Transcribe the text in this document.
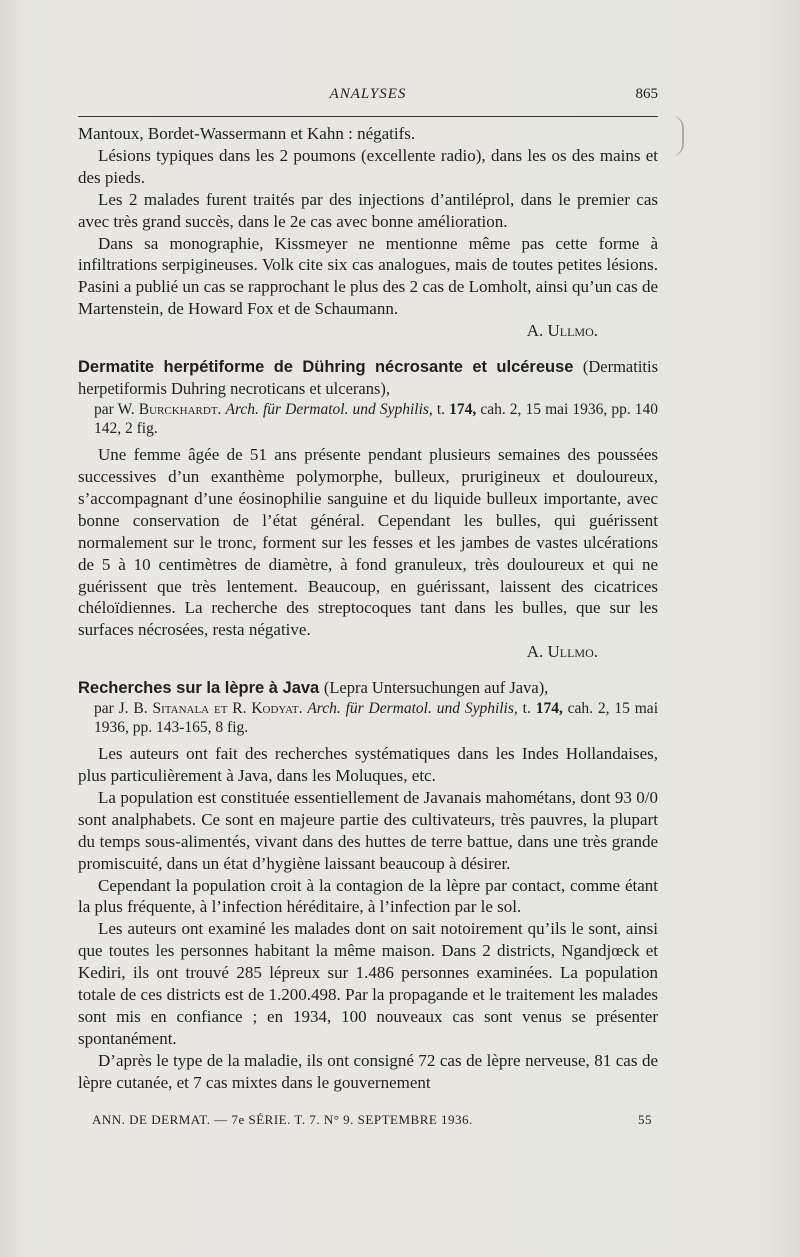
ANALYSES	865

Mantoux, Bordet-Wassermann et Kahn : négatifs.

Lésions typiques dans les 2 poumons (excellente radio), dans les os des mains et des pieds.

Les 2 malades furent traités par des injections d’antiléprol, dans le premier cas avec très grand succès, dans le 2e cas avec bonne amélioration.

Dans sa monographie, Kissmeyer ne mentionne même pas cette forme à infiltrations serpigineuses. Volk cite six cas analogues, mais de toutes petites lésions. Pasini a publié un cas se rapprochant le plus des 2 cas de Lomholt, ainsi qu’un cas de Martenstein, de Howard Fox et de Schaumann.

A. Ullmo.

Dermatite herpétiforme de Dühring nécrosante et ulcéreuse (Dermatitis herpetiformis Duhring necroticans et ulcerans),
par W. Burckhardt. Arch. für Dermatol. und Syphilis, t. 174, cah. 2, 15 mai 1936, pp. 140 142, 2 fig.

Une femme âgée de 51 ans présente pendant plusieurs semaines des poussées successives d’un exanthème polymorphe, bulleux, prurigineux et douloureux, s’accompagnant d’une éosinophilie sanguine et du liquide bulleux importante, avec bonne conservation de l’état général. Cependant les bulles, qui guérissent normalement sur le tronc, forment sur les fesses et les jambes de vastes ulcérations de 5 à 10 centimètres de diamètre, à fond granuleux, très douloureux et qui ne guérissent que très lentement. Beaucoup, en guérissant, laissent des cicatrices chéloïdiennes. La recherche des streptocoques tant dans les bulles, que sur les surfaces nécrosées, resta négative.

A. Ullmo.

Recherches sur la lèpre à Java (Lepra Untersuchungen auf Java),
par J. B. Sitanala et R. Kodyat. Arch. für Dermatol. und Syphilis, t. 174, cah. 2, 15 mai 1936, pp. 143-165, 8 fig.

Les auteurs ont fait des recherches systématiques dans les Indes Hollandaises, plus particulièrement à Java, dans les Moluques, etc.

La population est constituée essentiellement de Javanais mahométans, dont 93 0/0 sont analphabets. Ce sont en majeure partie des cultivateurs, très pauvres, la plupart du temps sous-alimentés, vivant dans des huttes de terre battue, dans une très grande promiscuité, dans un état d’hygiène laissant beaucoup à désirer.

Cependant la population croit à la contagion de la lèpre par contact, comme étant la plus fréquente, à l’infection héréditaire, à l’infection par le sol.

Les auteurs ont examiné les malades dont on sait notoirement qu’ils le sont, ainsi que toutes les personnes habitant la même maison. Dans 2 districts, Ngandjœck et Kediri, ils ont trouvé 285 lépreux sur 1.486 personnes examinées. La population totale de ces districts est de 1.200.498. Par la propagande et le traitement les malades sont mis en confiance ; en 1934, 100 nouveaux cas sont venus se présenter spontanément.

D’après le type de la maladie, ils ont consigné 72 cas de lèpre nerveuse, 81 cas de lèpre cutanée, et 7 cas mixtes dans le gouvernement

ANN. DE DERMAT. — 7e SÉRIE. T. 7. N° 9. SEPTEMBRE 1936.	55
